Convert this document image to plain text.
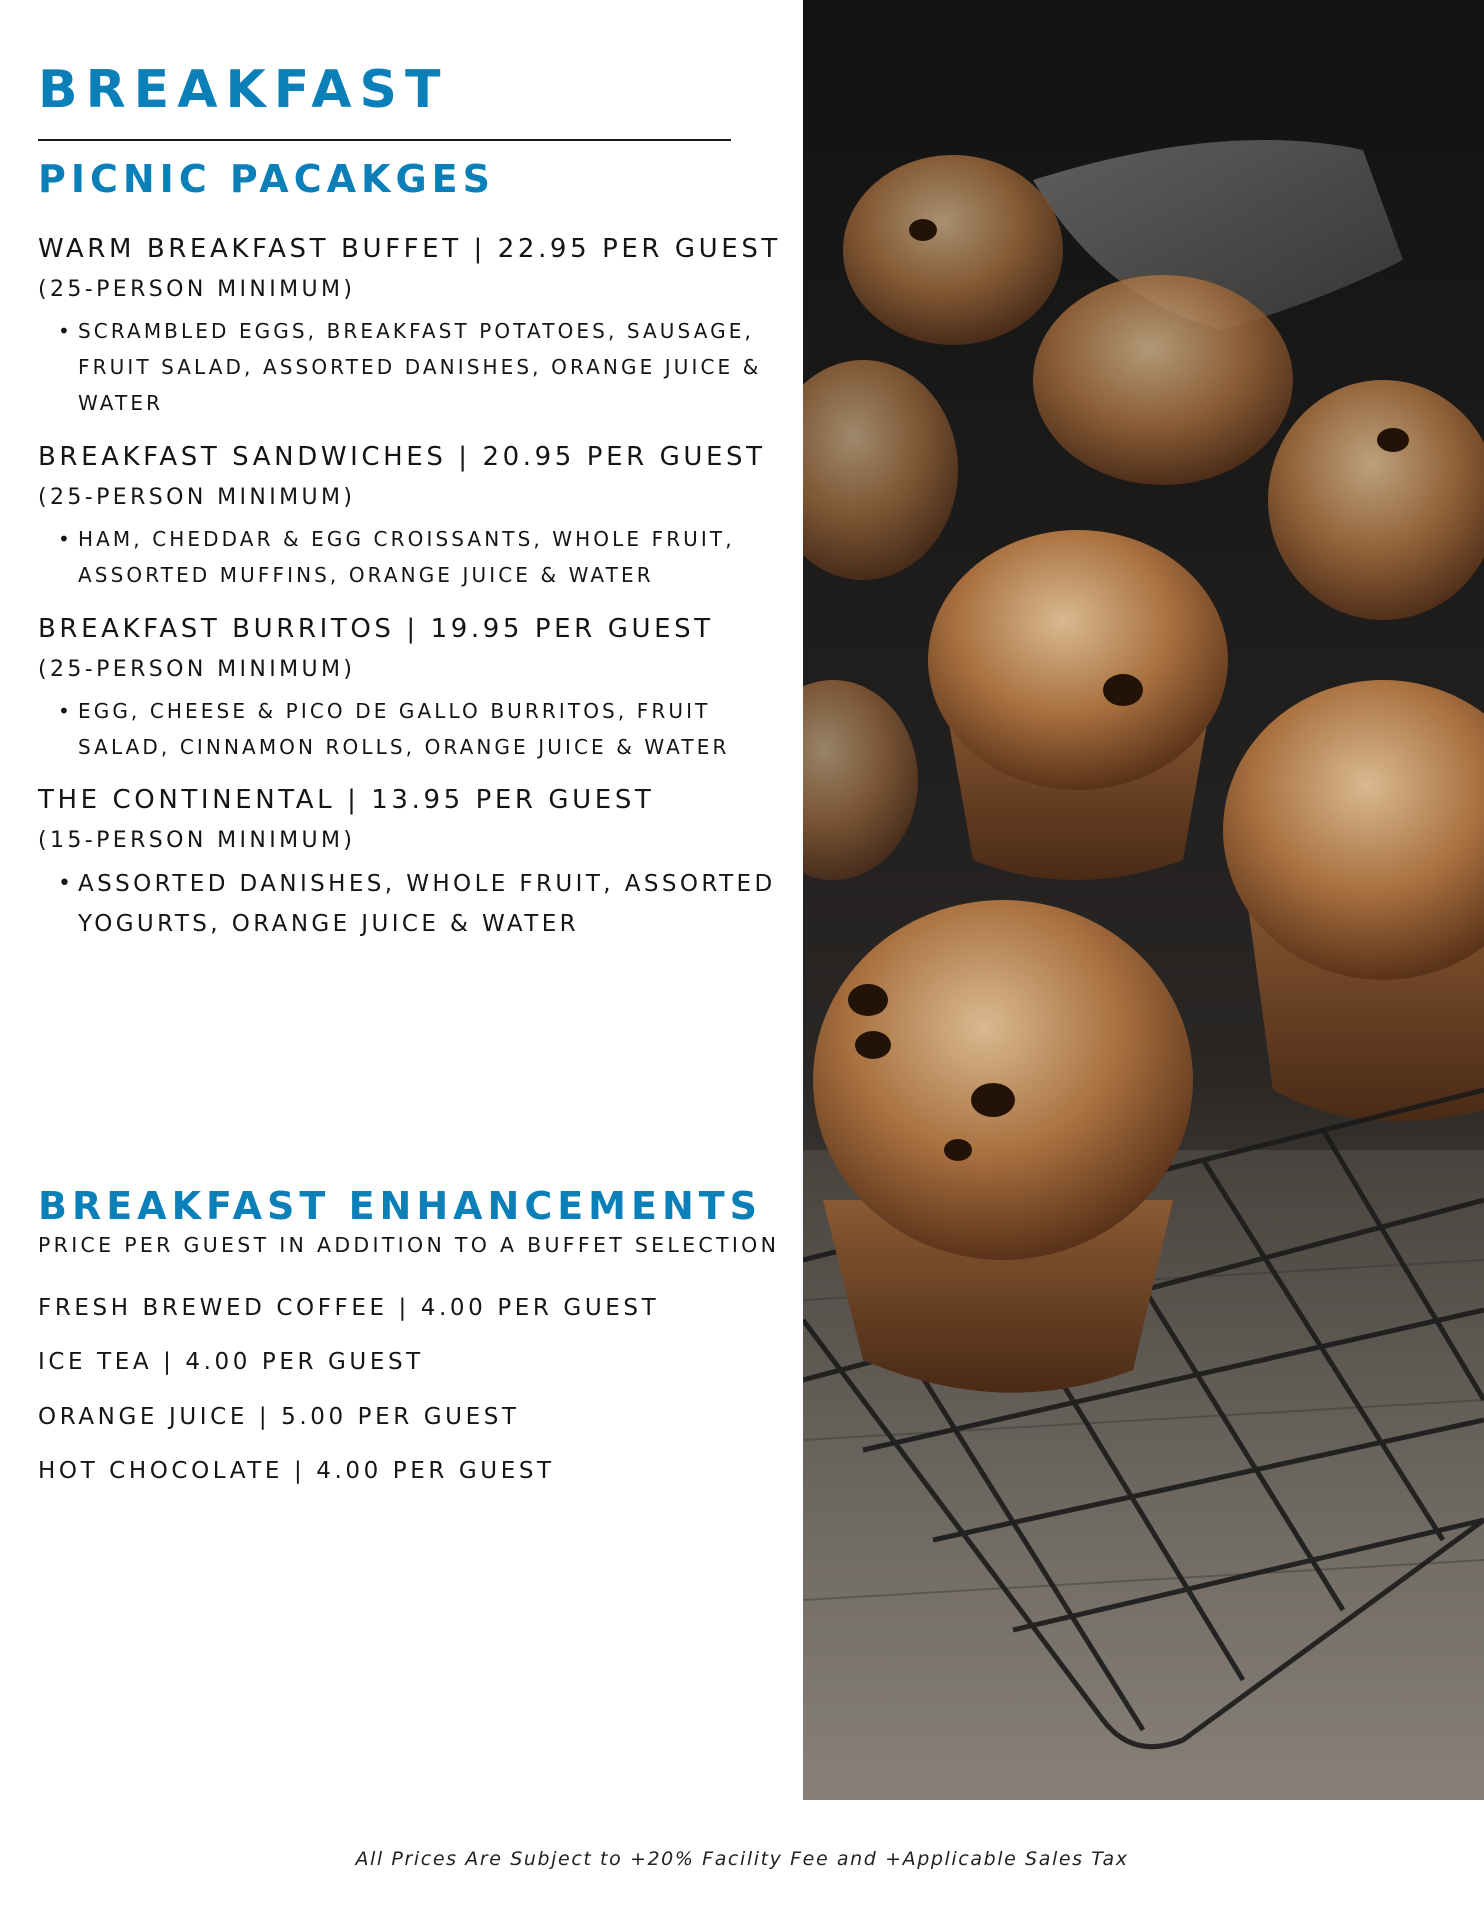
BREAKFAST
PICNIC PACAKGES
WARM BREAKFAST BUFFET | 22.95 PER GUEST
(25-PERSON MINIMUM)
• SCRAMBLED EGGS, BREAKFAST POTATOES, SAUSAGE, FRUIT SALAD, ASSORTED DANISHES, ORANGE JUICE & WATER
BREAKFAST SANDWICHES | 20.95 PER GUEST
(25-PERSON MINIMUM)
• HAM, CHEDDAR & EGG CROISSANTS, WHOLE FRUIT, ASSORTED MUFFINS, ORANGE JUICE & WATER
BREAKFAST BURRITOS | 19.95 PER GUEST
(25-PERSON MINIMUM)
• EGG, CHEESE & PICO DE GALLO BURRITOS, FRUIT SALAD, CINNAMON ROLLS, ORANGE JUICE & WATER
THE CONTINENTAL | 13.95 PER GUEST
(15-PERSON MINIMUM)
• ASSORTED DANISHES, WHOLE FRUIT, ASSORTED YOGURTS, ORANGE JUICE & WATER
BREAKFAST ENHANCEMENTS
PRICE PER GUEST IN ADDITION TO A BUFFET SELECTION
FRESH BREWED COFFEE | 4.00 PER GUEST
ICE TEA | 4.00 PER GUEST
ORANGE JUICE | 5.00 PER GUEST
HOT CHOCOLATE | 4.00 PER GUEST
All Prices Are Subject to +20% Facility Fee and +Applicable Sales Tax
